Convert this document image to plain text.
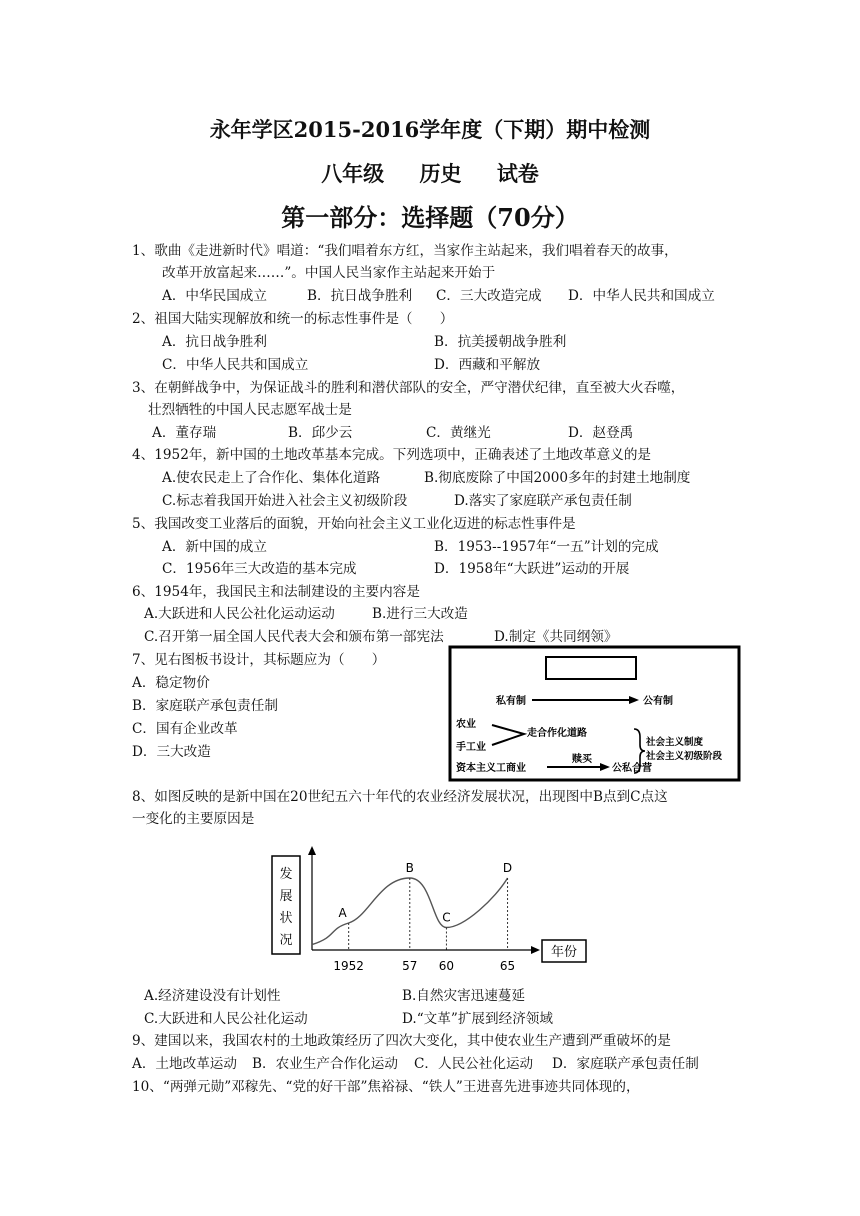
永年学区2015-2016学年度（下期）期中检测
八年级 历史 试卷
第一部分：选择题（70分）
1、歌曲《走进新时代》唱道：“我们唱着东方红，当家作主站起来，我们唱着春天的故事，
改革开放富起来……”。中国人民当家作主站起来开始于
A．中华民国成立	B．抗日战争胜利 C．三大改造完成 D．中华人民共和国成立
2、祖国大陆实现解放和统一的标志性事件是（　　）
A．抗日战争胜利	B．抗美援朝战争胜利
C．中华人民共和国成立	D．西藏和平解放
3、在朝鲜战争中，为保证战斗的胜利和潜伏部队的安全，严守潜伏纪律，直至被大火吞噬，
壮烈牺牲的中国人民志愿军战士是
A．董存瑞	B．邱少云	C．黄继光	D．赵登禹
4、1952年，新中国的土地改革基本完成。下列选项中，正确表述了土地改革意义的是
A.使农民走上了合作化、集体化道路	B.彻底废除了中国2000多年的封建土地制度
C.标志着我国开始进入社会主义初级阶段	D.落实了家庭联产承包责任制
5、我国改变工业落后的面貌，开始向社会主义工业化迈进的标志性事件是
A．新中国的成立	B．1953--1957年“一五”计划的完成
C．1956年三大改造的基本完成	D．1958年“大跃进”运动的开展
6、1954年，我国民主和法制建设的主要内容是
A.大跃进和人民公社化运动运动	B.进行三大改造
C.召开第一届全国人民代表大会和颁布第一部宪法	D.制定《共同纲领》
7、见右图板书设计，其标题应为（　　）
A．稳定物价
B．家庭联产承包责任制
C．国有企业改革
D．三大改造
私有制	公有制
农业
手工业
走合作化道路
资本主义工商业
赎买
公私合营
社会主义制度
社会主义初级阶段
8、如图反映的是新中国在20世纪五六十年代的农业经济发展状况，出现图中B点到C点这
一变化的主要原因是
发展状况
年份
A
1952
B
57
C
60
D
65
A.经济建设没有计划性	B.自然灾害迅速蔓延
C.大跃进和人民公社化运动	D.“文革”扩展到经济领域
9、建国以来，我国农村的土地政策经历了四次大变化，其中使农业生产遭到严重破坏的是
A．土地改革运动 B．农业生产合作化运动 C．人民公社化运动 D．家庭联产承包责任制
10、“两弹元勋”邓稼先、“党的好干部”焦裕禄、“铁人”王进喜先进事迹共同体现的，
